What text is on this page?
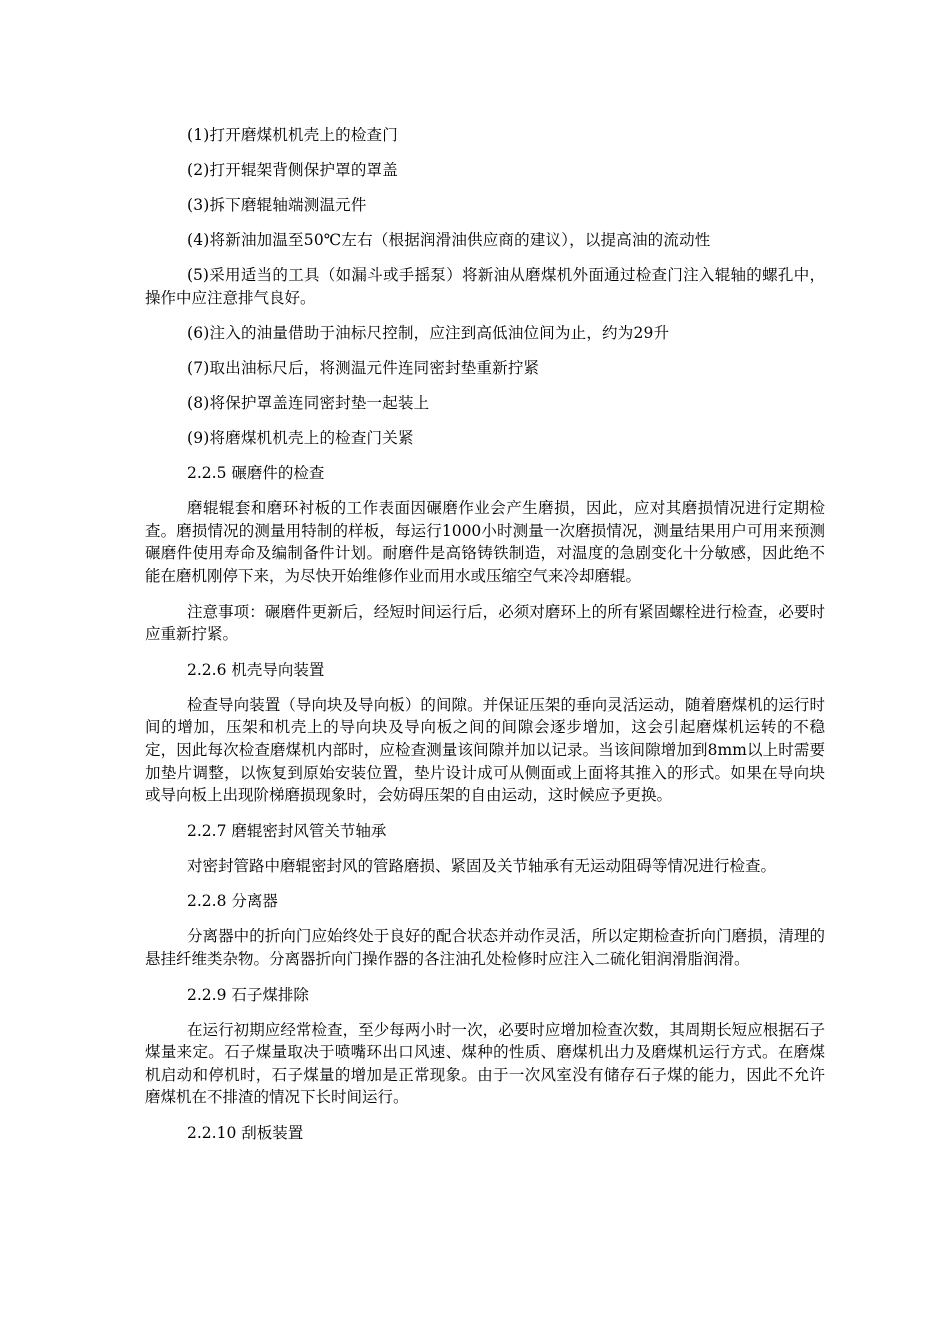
(1)打开磨煤机机壳上的检查门

(2)打开辊架背侧保护罩的罩盖

(3)拆下磨辊轴端测温元件

(4)将新油加温至50℃左右（根据润滑油供应商的建议），以提高油的流动性

(5)采用适当的工具（如漏斗或手摇泵）将新油从磨煤机外面通过检查门注入辊轴的螺孔中，操作中应注意排气良好。

(6)注入的油量借助于油标尺控制，应注到高低油位间为止，约为29升

(7)取出油标尺后，将测温元件连同密封垫重新拧紧

(8)将保护罩盖连同密封垫一起装上

(9)将磨煤机机壳上的检查门关紧

2.2.5 碾磨件的检查

磨辊辊套和磨环衬板的工作表面因碾磨作业会产生磨损，因此，应对其磨损情况进行定期检查。磨损情况的测量用特制的样板，每运行1000小时测量一次磨损情况，测量结果用户可用来预测碾磨件使用寿命及编制备件计划。耐磨件是高铬铸铁制造，对温度的急剧变化十分敏感，因此绝不能在磨机刚停下来，为尽快开始维修作业而用水或压缩空气来冷却磨辊。

注意事项：碾磨件更新后，经短时间运行后，必须对磨环上的所有紧固螺栓进行检查，必要时应重新拧紧。

2.2.6 机壳导向装置

检查导向装置（导向块及导向板）的间隙。并保证压架的垂向灵活运动，随着磨煤机的运行时间的增加，压架和机壳上的导向块及导向板之间的间隙会逐步增加，这会引起磨煤机运转的不稳定，因此每次检查磨煤机内部时，应检查测量该间隙并加以记录。当该间隙增加到8mm以上时需要加垫片调整，以恢复到原始安装位置，垫片设计成可从侧面或上面将其推入的形式。如果在导向块或导向板上出现阶梯磨损现象时，会妨碍压架的自由运动，这时候应予更换。

2.2.7 磨辊密封风管关节轴承

对密封管路中磨辊密封风的管路磨损、紧固及关节轴承有无运动阻碍等情况进行检查。

2.2.8 分离器

分离器中的折向门应始终处于良好的配合状态并动作灵活，所以定期检查折向门磨损，清理的悬挂纤维类杂物。分离器折向门操作器的各注油孔处检修时应注入二硫化钼润滑脂润滑。

2.2.9 石子煤排除

在运行初期应经常检查，至少每两小时一次，必要时应增加检查次数，其周期长短应根据石子煤量来定。石子煤量取决于喷嘴环出口风速、煤种的性质、磨煤机出力及磨煤机运行方式。在磨煤机启动和停机时，石子煤量的增加是正常现象。由于一次风室没有储存石子煤的能力，因此不允许磨煤机在不排渣的情况下长时间运行。

2.2.10 刮板装置
